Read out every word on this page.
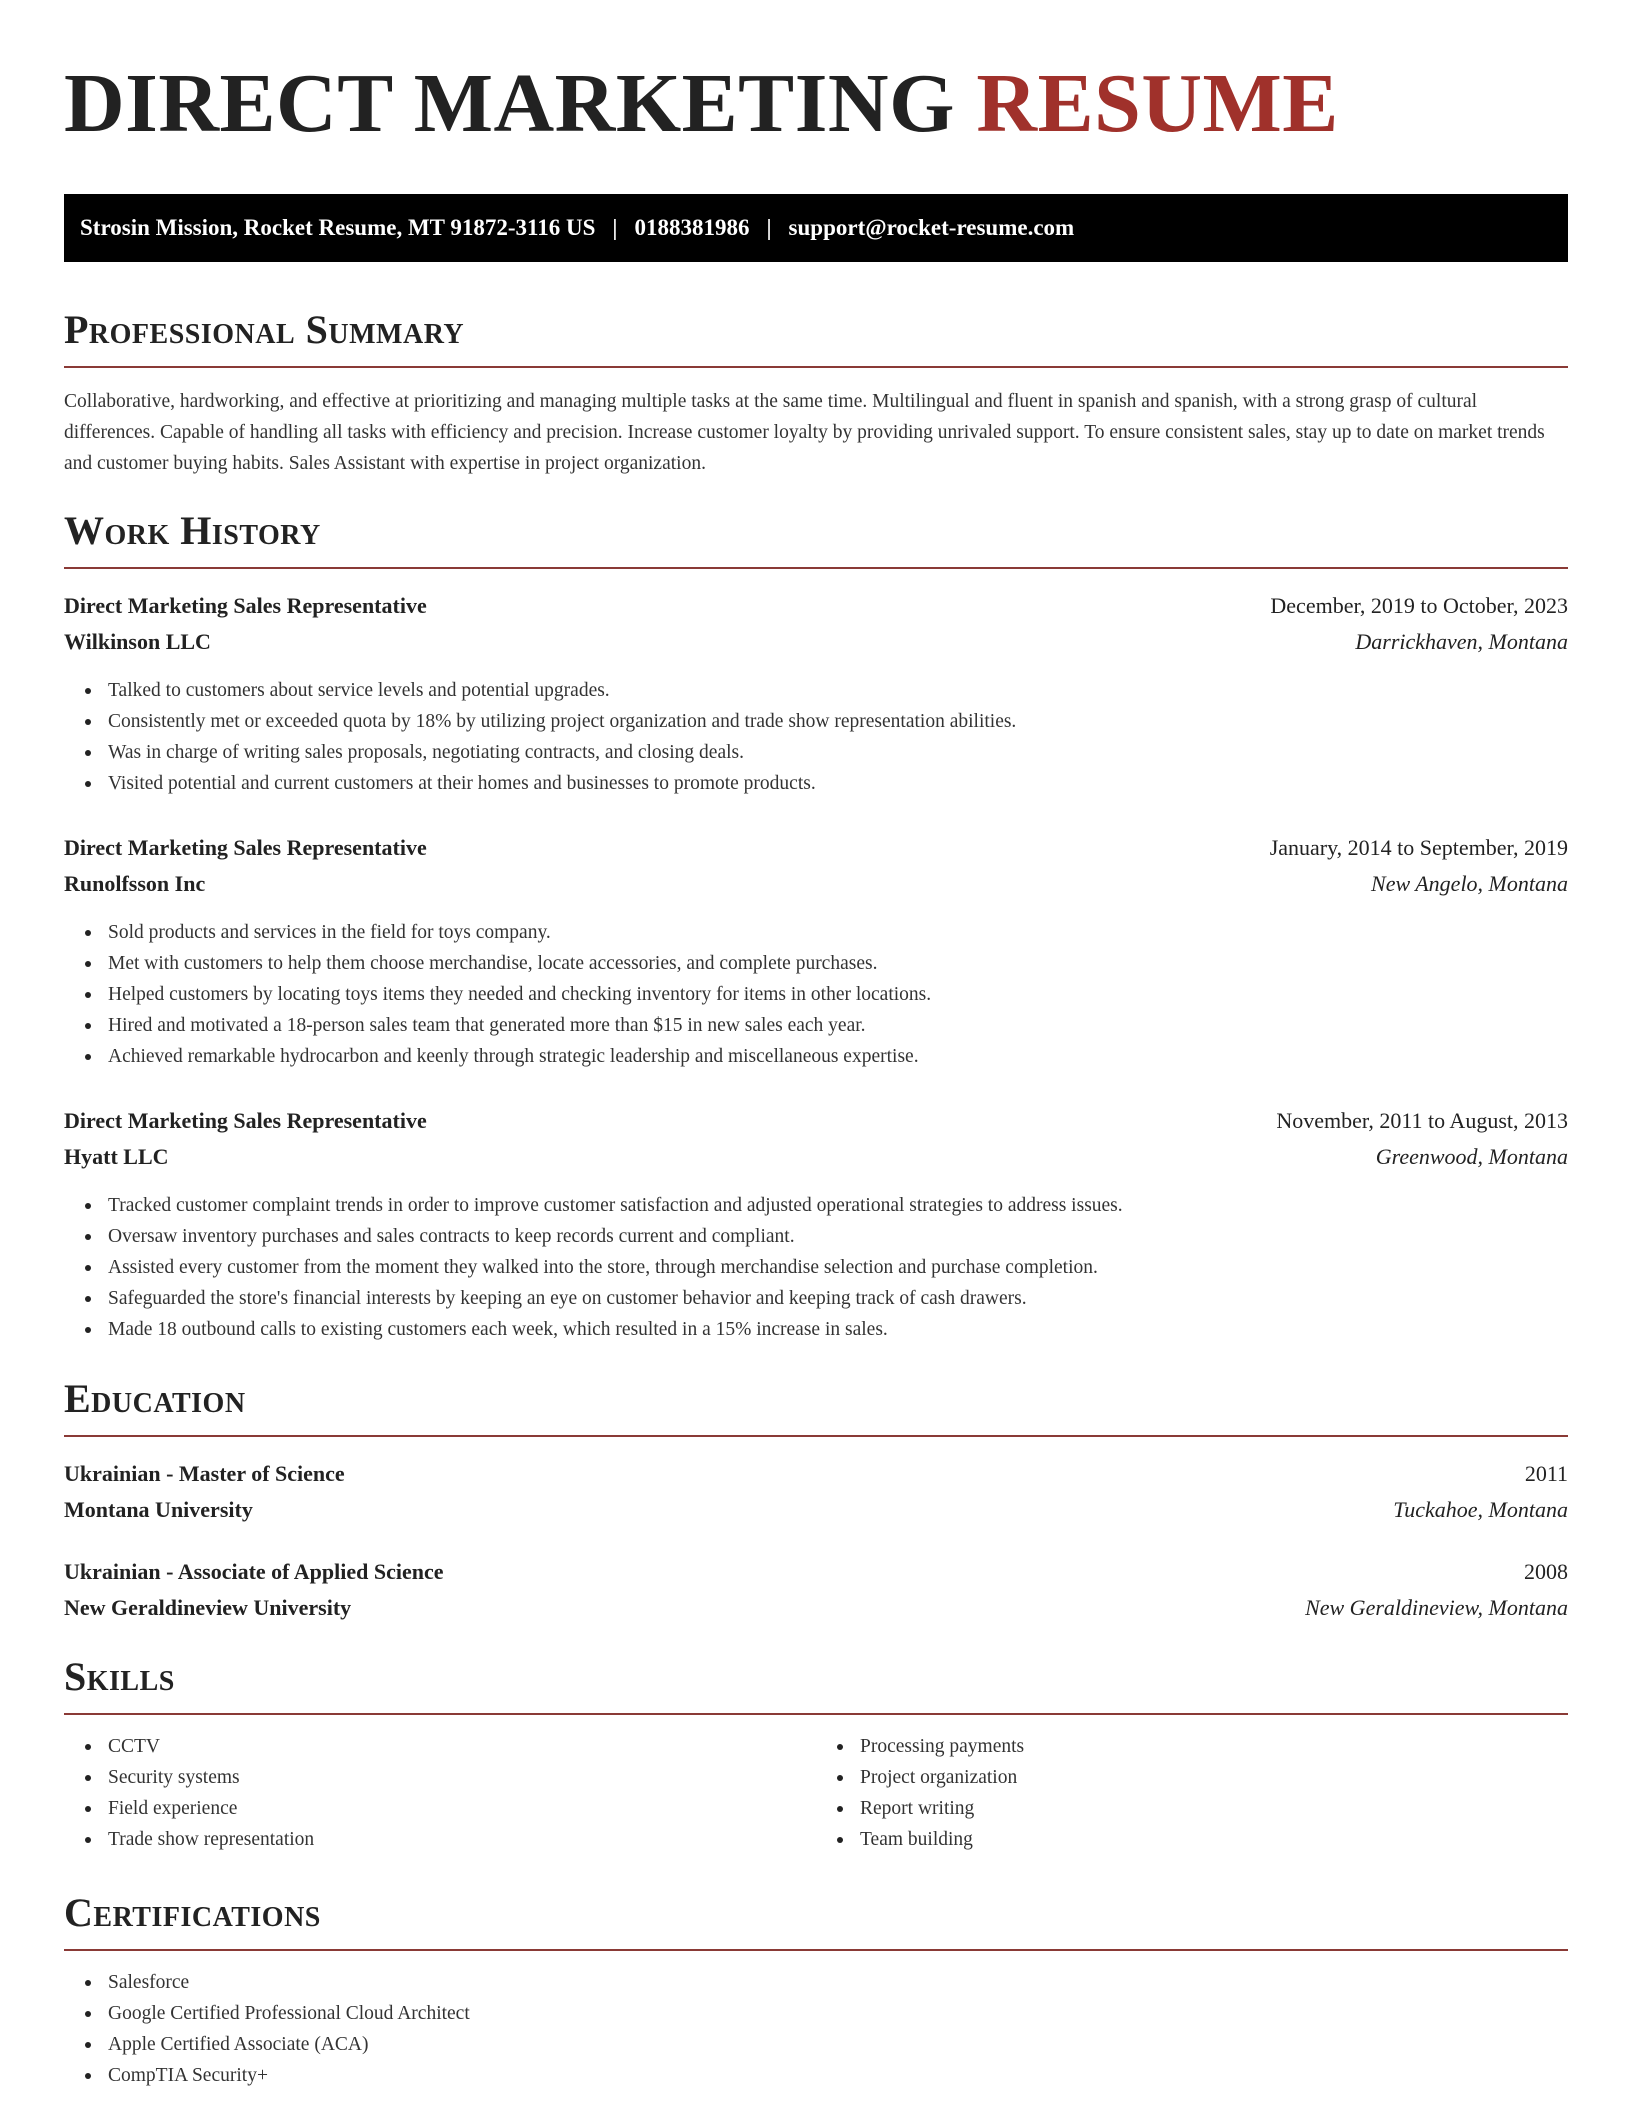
DIRECT MARKETING RESUME
Strosin Mission, Rocket Resume, MT 91872-3116 US | 0188381986 | support@rocket-resume.com
Professional Summary

Collaborative, hardworking, and effective at prioritizing and managing multiple tasks at the same time. Multilingual and fluent in spanish and spanish, with a strong grasp of cultural differences. Capable of handling all tasks with efficiency and precision. Increase customer loyalty by providing unrivaled support. To ensure consistent sales, stay up to date on market trends and customer buying habits. Sales Assistant with expertise in project organization.

Work History
Direct Marketing Sales Representative	December, 2019 to October, 2023
Wilkinson LLC	Darrickhaven, Montana
Talked to customers about service levels and potential upgrades.
Consistently met or exceeded quota by 18% by utilizing project organization and trade show representation abilities.
Was in charge of writing sales proposals, negotiating contracts, and closing deals.
Visited potential and current customers at their homes and businesses to promote products.
Direct Marketing Sales Representative	January, 2014 to September, 2019
Runolfsson Inc	New Angelo, Montana
Sold products and services in the field for toys company.
Met with customers to help them choose merchandise, locate accessories, and complete purchases.
Helped customers by locating toys items they needed and checking inventory for items in other locations.
Hired and motivated a 18-person sales team that generated more than $15 in new sales each year.
Achieved remarkable hydrocarbon and keenly through strategic leadership and miscellaneous expertise.
Direct Marketing Sales Representative	November, 2011 to August, 2013
Hyatt LLC	Greenwood, Montana
Tracked customer complaint trends in order to improve customer satisfaction and adjusted operational strategies to address issues.
Oversaw inventory purchases and sales contracts to keep records current and compliant.
Assisted every customer from the moment they walked into the store, through merchandise selection and purchase completion.
Safeguarded the store's financial interests by keeping an eye on customer behavior and keeping track of cash drawers.
Made 18 outbound calls to existing customers each week, which resulted in a 15% increase in sales.
Education
Ukrainian - Master of Science	2011
Montana University	Tuckahoe, Montana
Ukrainian - Associate of Applied Science	2008
New Geraldineview University	New Geraldineview, Montana
Skills
CCTV
Security systems
Field experience
Trade show representation
Processing payments
Project organization
Report writing
Team building
Certifications
Salesforce
Google Certified Professional Cloud Architect
Apple Certified Associate (ACA)
CompTIA Security+
